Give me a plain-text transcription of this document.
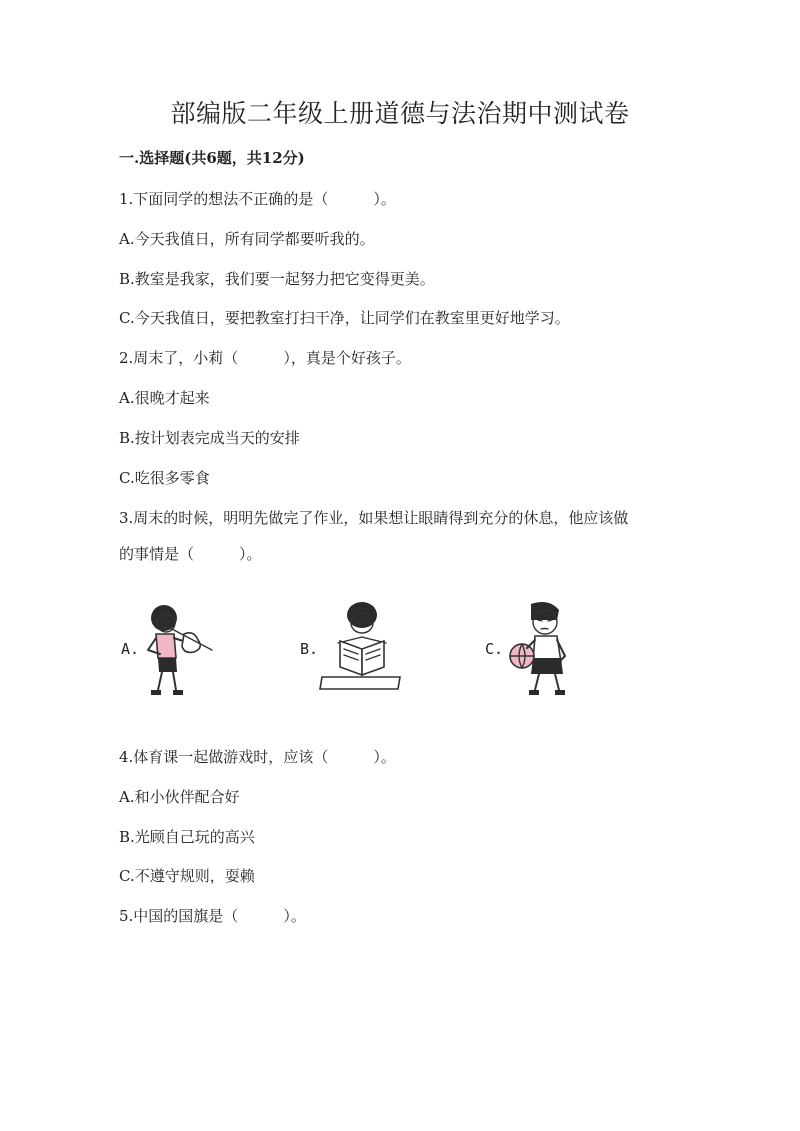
部编版二年级上册道德与法治期中测试卷
一.选择题(共6题，共12分)
1.下面同学的想法不正确的是（　　　）。
A.今天我值日，所有同学都要听我的。
B.教室是我家，我们要一起努力把它变得更美。
C.今天我值日，要把教室打扫干净，让同学们在教室里更好地学习。
2.周末了，小莉（　　　），真是个好孩子。
A.很晚才起来
B.按计划表完成当天的安排
C.吃很多零食
3.周末的时候，明明先做完了作业，如果想让眼睛得到充分的休息，他应该做
的事情是（　　　）。
A.	B.	C.
4.体育课一起做游戏时，应该（　　　）。
A.和小伙伴配合好
B.光顾自己玩的高兴
C.不遵守规则，耍赖
5.中国的国旗是（　　　）。
